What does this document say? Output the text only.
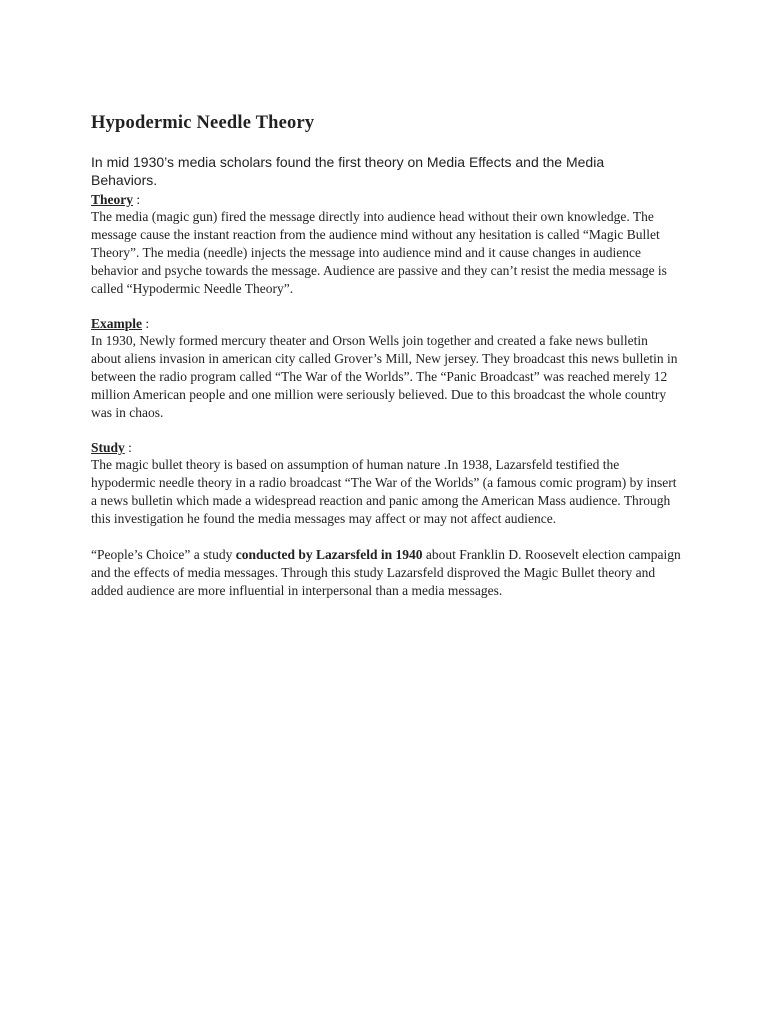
Hypodermic Needle Theory

In mid 1930’s media scholars found the first theory on Media Effects and the Media Behaviors.

Theory :

The media (magic gun) fired the message directly into audience head without their own knowledge. The message cause the instant reaction from the audience mind without any hesitation is called “Magic Bullet Theory”. The media (needle) injects the message into audience mind and it cause changes in audience behavior and psyche towards the message. Audience are passive and they can’t resist the media message is called “Hypodermic Needle Theory”.

Example :

In 1930, Newly formed mercury theater and Orson Wells join together and created a fake news bulletin about aliens invasion in american city called Grover’s Mill, New jersey. They broadcast this news bulletin in between the radio program called “The War of the Worlds”. The “Panic Broadcast” was reached merely 12 million American people and one million were seriously believed. Due to this broadcast the whole country was in chaos.

Study :

The magic bullet theory is based on assumption of human nature .In 1938, Lazarsfeld testified the hypodermic needle theory in a radio broadcast “The War of the Worlds” (a famous comic program) by insert a news bulletin which made a widespread reaction and panic among the American Mass audience. Through this investigation he found the media messages may affect or may not affect audience.

“People’s Choice” a study conducted by Lazarsfeld in 1940 about Franklin D. Roosevelt election campaign and the effects of media messages. Through this study Lazarsfeld disproved the Magic Bullet theory and added audience are more influential in interpersonal than a media messages.
